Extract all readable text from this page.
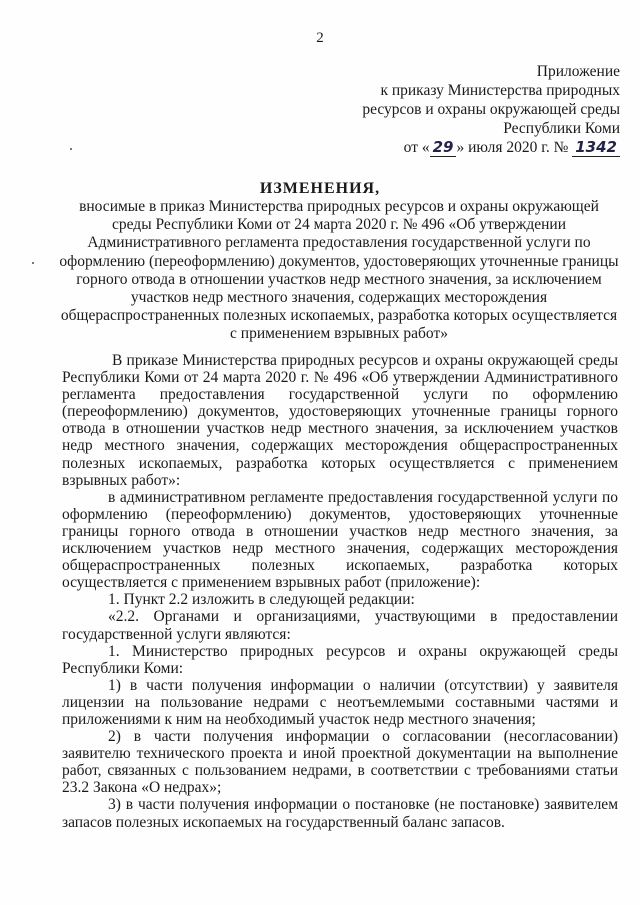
2
Приложение
к приказу Министерства природных
ресурсов и охраны окружающей среды
Республики Коми
от « 29 » июля 2020 г. № 1342
ИЗМЕНЕНИЯ,
вносимые в приказ Министерства природных ресурсов и охраны окружающей среды Республики Коми от 24 марта 2020 г. № 496 «Об утверждении Административного регламента предоставления государственной услуги по оформлению (переоформлению) документов, удостоверяющих уточненные границы горного отвода в отношении участков недр местного значения, за исключением участков недр местного значения, содержащих месторождения общераспространенных полезных ископаемых, разработка которых осуществляется с применением взрывных работ»

В приказе Министерства природных ресурсов и охраны окружающей среды Республики Коми от 24 марта 2020 г. № 496 «Об утверждении Административного регламента предоставления государственной услуги по оформлению (переоформлению) документов, удостоверяющих уточненные границы горного отвода в отношении участков недр местного значения, за исключением участков недр местного значения, содержащих месторождения общераспространенных полезных ископаемых, разработка которых осуществляется с применением взрывных работ»:

в административном регламенте предоставления государственной услуги по оформлению (переоформлению) документов, удостоверяющих уточненные границы горного отвода в отношении участков недр местного значения, за исключением участков недр местного значения, содержащих месторождения общераспространенных полезных ископаемых, разработка которых осуществляется с применением взрывных работ (приложение):

1. Пункт 2.2 изложить в следующей редакции:

«2.2. Органами и организациями, участвующими в предоставлении государственной услуги являются:

1. Министерство природных ресурсов и охраны окружающей среды Республики Коми:

1) в части получения информации о наличии (отсутствии) у заявителя лицензии на пользование недрами с неотъемлемыми составными частями и приложениями к ним на необходимый участок недр местного значения;

2) в части получения информации о согласовании (несогласовании) заявителю технического проекта и иной проектной документации на выполнение работ, связанных с пользованием недрами, в соответствии с требованиями статьи 23.2 Закона «О недрах»;

3) в части получения информации о постановке (не постановке) заявителем запасов полезных ископаемых на государственный баланс запасов.
